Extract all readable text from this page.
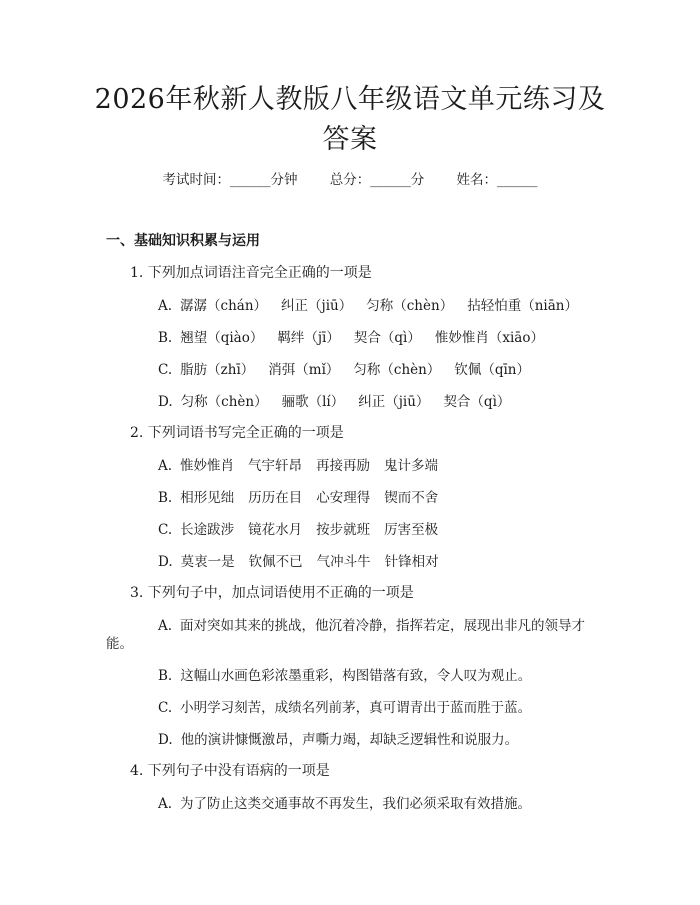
2026年秋新人教版八年级语文单元练习及答案
考试时间：______分钟 总分：______分 姓名：______
一、基础知识积累与运用
1. 下列加点词语注音完全正确的一项是
A. 潺潺（chán） 纠正（jiū） 匀称（chèn） 拈轻怕重（niān）
B. 翘望（qiào） 羁绊（jī） 契合（qì） 惟妙惟肖（xiāo）
C. 脂肪（zhī） 消弭（mǐ） 匀称（chèn） 钦佩（qīn）
D. 匀称（chèn） 骊歌（lí） 纠正（jiū） 契合（qì）
2. 下列词语书写完全正确的一项是
A. 惟妙惟肖 气宇轩昂 再接再励 鬼计多端
B. 相形见绌 历历在目 心安理得 锲而不舍
C. 长途跋涉 镜花水月 按步就班 厉害至极
D. 莫衷一是 钦佩不已 气冲斗牛 针锋相对
3. 下列句子中，加点词语使用不正确的一项是
A. 面对突如其来的挑战，他沉着冷静，指挥若定，展现出非凡的领导才
能。
B. 这幅山水画色彩浓墨重彩，构图错落有致，令人叹为观止。
C. 小明学习刻苦，成绩名列前茅，真可谓青出于蓝而胜于蓝。
D. 他的演讲慷慨激昂，声嘶力竭，却缺乏逻辑性和说服力。
4. 下列句子中没有语病的一项是
A. 为了防止这类交通事故不再发生，我们必须采取有效措施。
